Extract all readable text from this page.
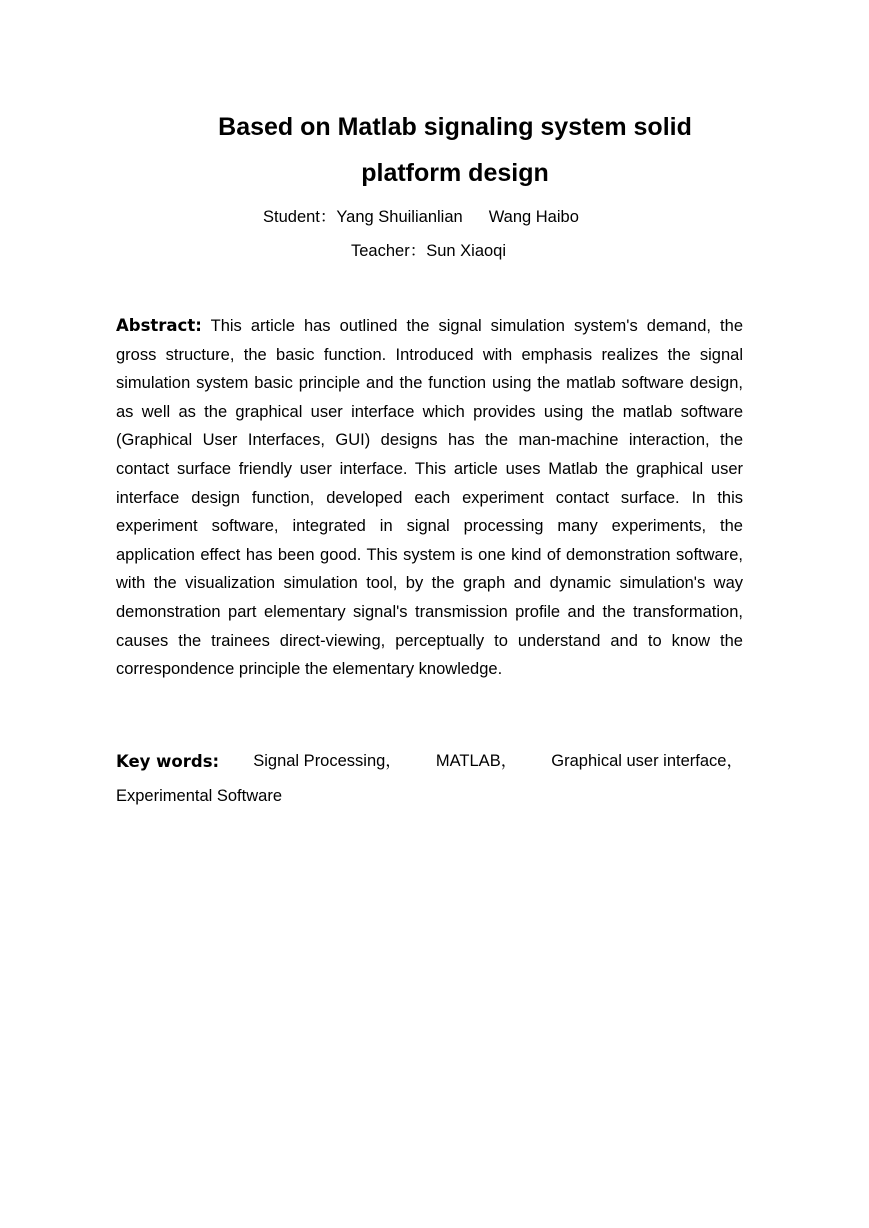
Based on Matlab signaling system solid
platform design
Student：Yang Shuilianlian Wang Haibo
Teacher：Sun Xiaoqi

Abstract: This article has outlined the signal simulation system's demand, the gross structure, the basic function. Introduced with emphasis realizes the signal simulation system basic principle and the function using the matlab software design, as well as the graphical user interface which provides using the matlab software (Graphical User Interfaces, GUI) designs has the man-machine interaction, the contact surface friendly user interface. This article uses Matlab the graphical user interface design function, developed each experiment contact surface. In this experiment software, integrated in signal processing many experiments, the application effect has been good. This system is one kind of demonstration software, with the visualization simulation tool, by the graph and dynamic simulation's way demonstration part elementary signal's transmission profile and the transformation, causes the trainees direct-viewing, perceptually to understand and to know the correspondence principle the elementary knowledge.

Key words: Signal Processing， MATLAB， Graphical user interface，
Experimental Software
